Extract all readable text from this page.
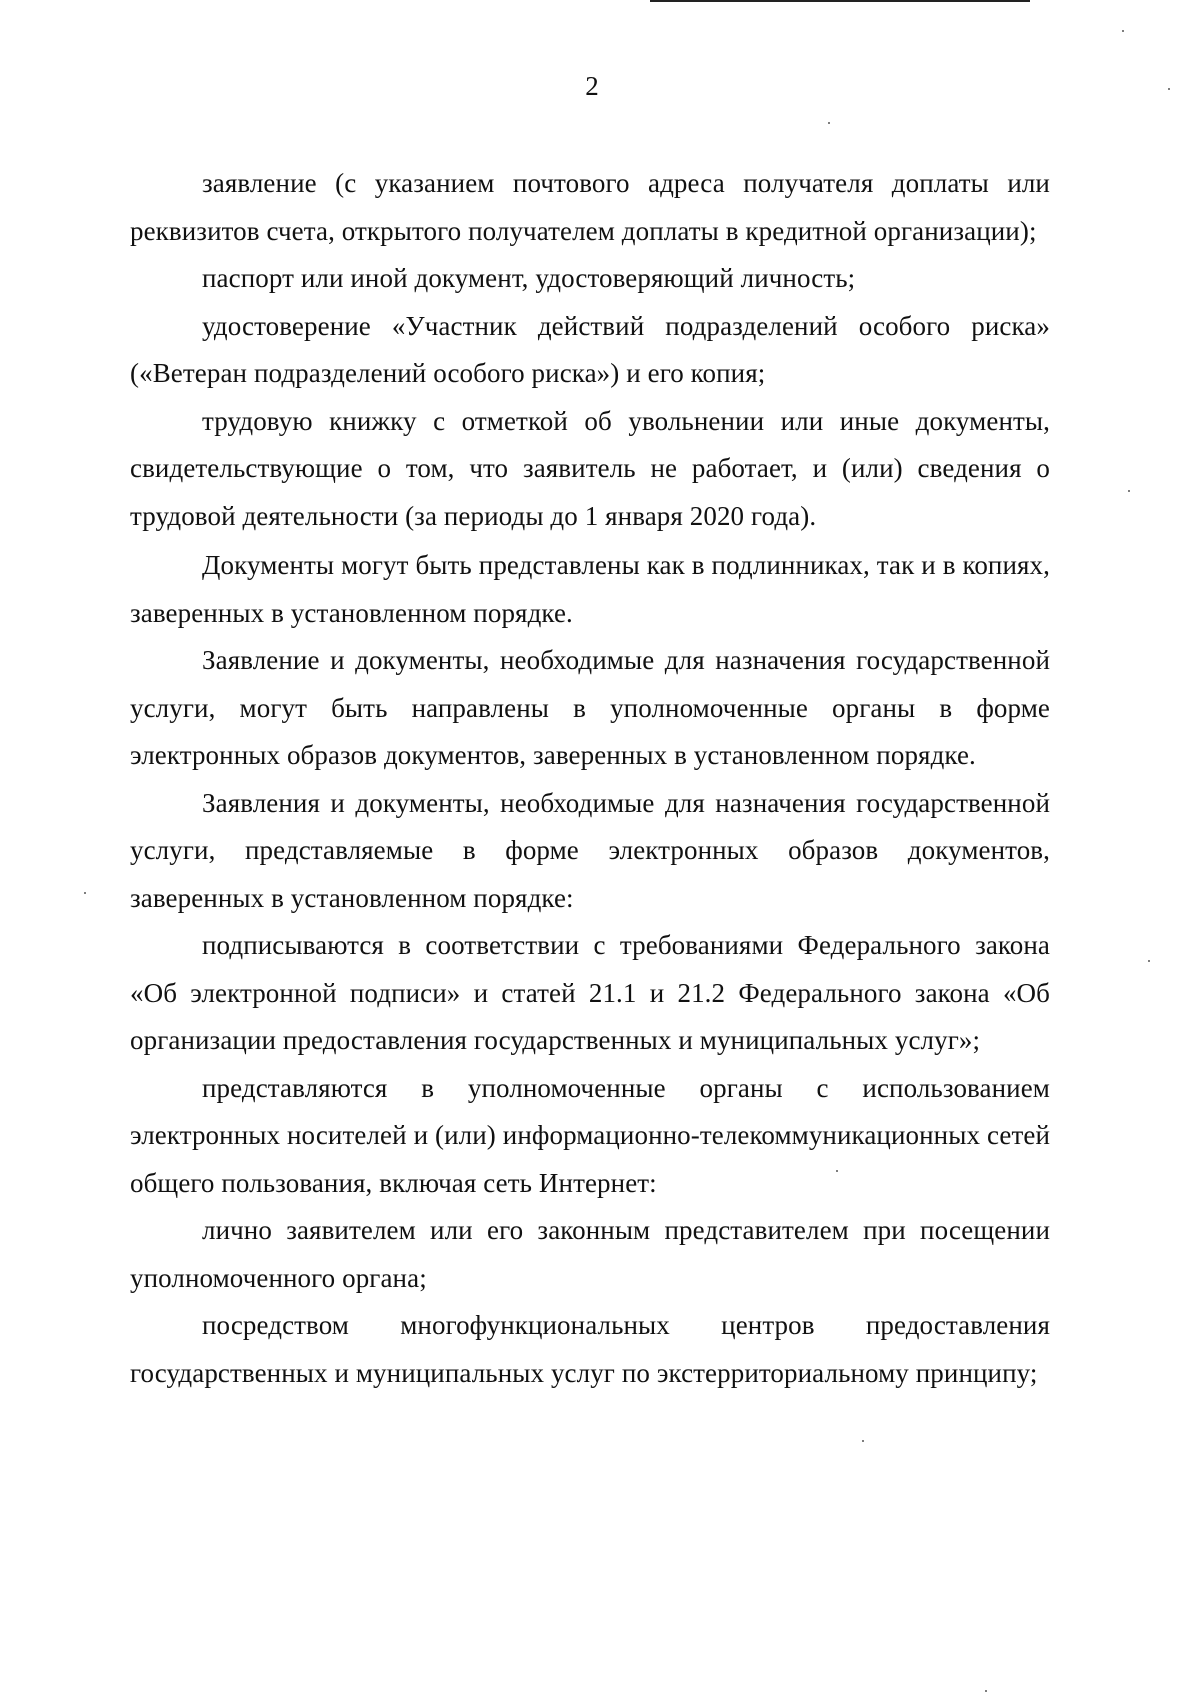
2

заявление (с указанием почтового адреса получателя доплаты или реквизитов счета, открытого получателем доплаты в кредитной организации);

паспорт или иной документ, удостоверяющий личность;

удостоверение «Участник действий подразделений особого риска» («Ветеран подразделений особого риска») и его копия;

трудовую книжку с отметкой об увольнении или иные документы, свидетельствующие о том, что заявитель не работает, и (или) сведения о трудовой деятельности (за периоды до 1 января 2020 года).

Документы могут быть представлены как в подлинниках, так и в копиях, заверенных в установленном порядке.

Заявление и документы, необходимые для назначения государственной услуги, могут быть направлены в уполномоченные органы в форме электронных образов документов, заверенных в установленном порядке.

Заявления и документы, необходимые для назначения государственной услуги, представляемые в форме электронных образов документов, заверенных в установленном порядке:

подписываются в соответствии с требованиями Федерального закона «Об электронной подписи» и статей 21.1 и 21.2 Федерального закона «Об организации предоставления государственных и муниципальных услуг»;

представляются в уполномоченные органы с использованием электронных носителей и (или) информационно-телекоммуникационных сетей общего пользования, включая сеть Интернет:

лично заявителем или его законным представителем при посещении уполномоченного органа;

посредством многофункциональных центров предоставления государственных и муниципальных услуг по экстерриториальному принципу;
